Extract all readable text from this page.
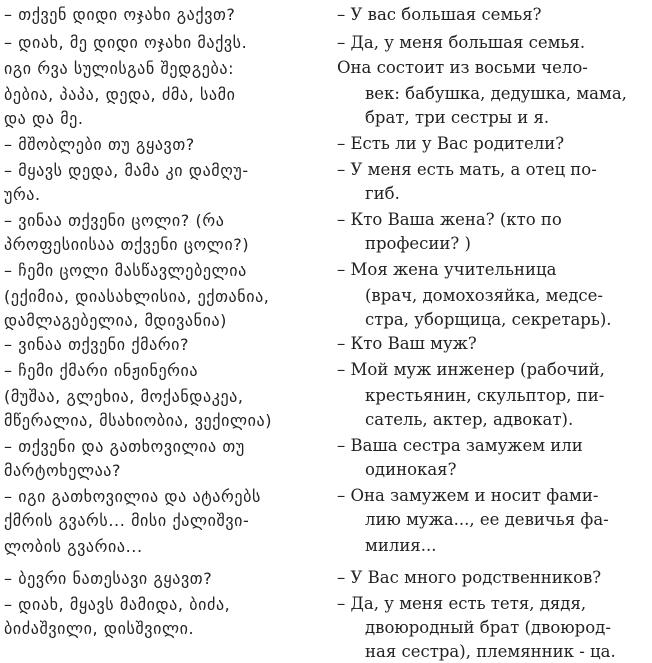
– თქვენ დიდი ოჯახი გაქვთ?
– დიახ, მე დიდი ოჯახი მაქვს.
იგი რვა სულისგან შედგება:
ბებია, პაპა, დედა, ძმა, სამი
და და მე.
– მშობლები თუ გყავთ?
– მყავს დედა, მამა კი დამღუ-
ურა.
– ვინაა თქვენი ცოლი? (რა
პროფესიისაა თქვენი ცოლი?)
– ჩემი ცოლი მასწავლებელია
(ექიმია, დიასახლისია, ექთანია,
დამლაგებელია, მდივანია)
– ვინაა თქვენი ქმარი?
– ჩემი ქმარი ინჟინერია
(მუშაა, გლეხია, მოქანდაკეა,
მწერალია, მსახიობია, ვექილია)
– თქვენი და გათხოვილია თუ
მარტოხელაა?
– იგი გათხოვილია და ატარებს
ქმრის გვარს... მისი ქალიშვი-
ლობის გვარია...
– ბევრი ნათესავი გყავთ?
– დიახ, მყავს მამიდა, ბიძა,
ბიძაშვილი, დისშვილი.
– У вас большая семья?
– Да, у меня большая семья.
Она состоит из восьми чело-
век: бабушка, дедушка, мама,
брат, три сестры и я.
– Есть ли у Вас родители?
– У меня есть мать, а отец по-
гиб.
– Кто Ваша жена? (кто по
професии? )
– Моя жена учительница
(врач, домохозяйка, медсе-
стра, уборщица, секретарь).
– Кто Ваш муж?
– Мой муж инженер (рабочий,
крестьянин, скульптор, пи-
сатель, актер, адвокат).
– Ваша сестра замужем или
одинокая?
– Она замужем и носит фами-
лию мужа..., ее девичья фа-
милия...
– У Вас много родственников?
– Да, у меня есть тетя, дядя,
двоюродный брат (двоюрод-
ная сестра), племянник - ца.
